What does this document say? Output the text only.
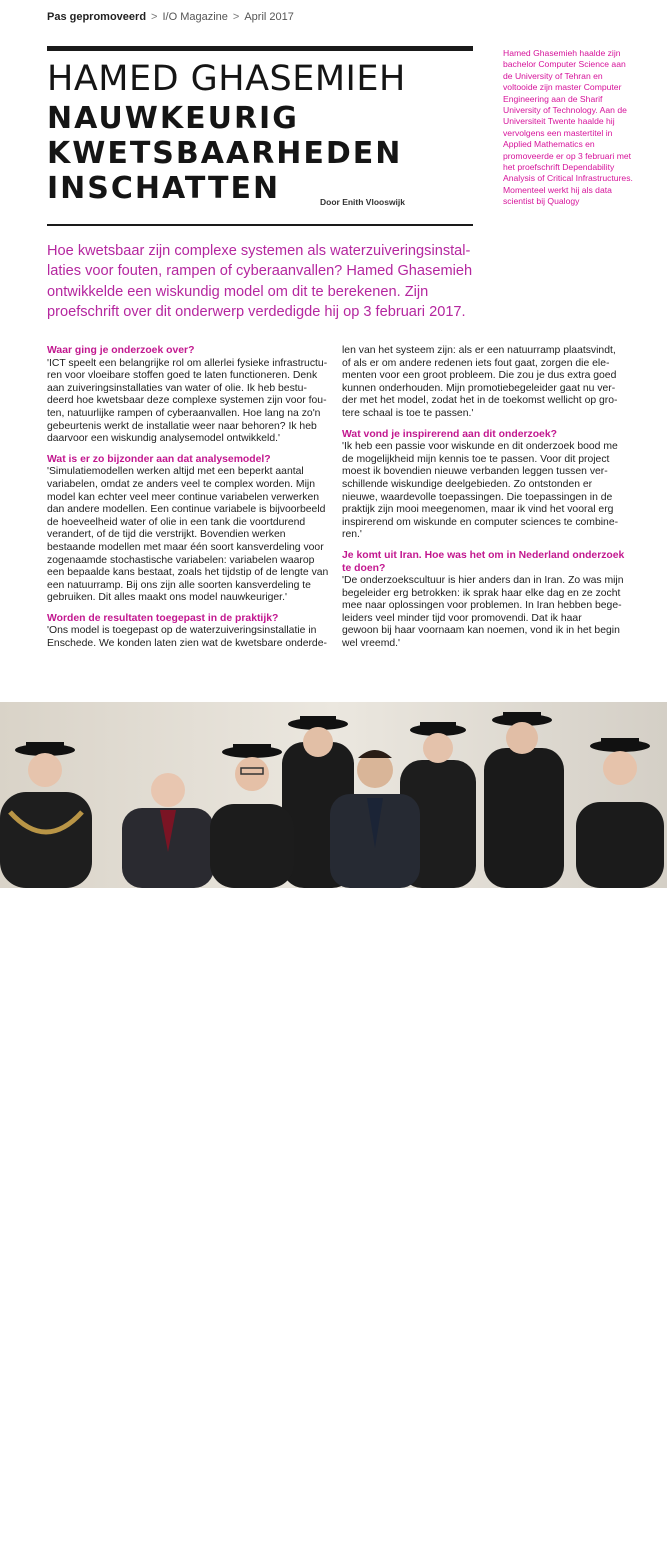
Pas gepromoveerd > I/O Magazine > April 2017
HAMED GHASEMIEH
NAUWKEURIG
KWETSBAARHEDEN
INSCHATTEN	Door Enith Vlooswijk
Hamed Ghasemieh haalde zijn
bachelor Computer Science aan
de University of Tehran en
voltooide zijn master Computer
Engineering aan de Sharif
University of Technology. Aan de
Universiteit Twente haalde hij
vervolgens een mastertitel in
Applied Mathematics en
promoveerde er op 3 februari met
het proefschrift Dependability
Analysis of Critical Infrastructures.
Momenteel werkt hij als data
scientist bij Qualogy
Hoe kwetsbaar zijn complexe systemen als waterzuiveringsinstal-
laties voor fouten, rampen of cyberaanvallen? Hamed Ghasemieh
ontwikkelde een wiskundig model om dit te berekenen. Zijn
proefschrift over dit onderwerp verdedigde hij op 3 februari 2017.
Waar ging je onderzoek over?
'ICT speelt een belangrijke rol om allerlei fysieke infrastructu-
ren voor vloeibare stoffen goed te laten functioneren. Denk
aan zuiveringsinstallaties van water of olie. Ik heb bestu-
deerd hoe kwetsbaar deze complexe systemen zijn voor fou-
ten, natuurlijke rampen of cyberaanvallen. Hoe lang na zo'n
gebeurtenis werkt de installatie weer naar behoren? Ik heb
daarvoor een wiskundig analysemodel ontwikkeld.'
Wat is er zo bijzonder aan dat analysemodel?
'Simulatiemodellen werken altijd met een beperkt aantal
variabelen, omdat ze anders veel te complex worden. Mijn
model kan echter veel meer continue variabelen verwerken
dan andere modellen. Een continue variabele is bijvoorbeeld
de hoeveelheid water of olie in een tank die voortdurend
verandert, of de tijd die verstrijkt. Bovendien werken
bestaande modellen met maar één soort kansverdeling voor
zogenaamde stochastische variabelen: variabelen waarop
een bepaalde kans bestaat, zoals het tijdstip of de lengte van
een natuurramp. Bij ons zijn alle soorten kansverdeling te
gebruiken. Dit alles maakt ons model nauwkeuriger.'
Worden de resultaten toegepast in de praktijk?
'Ons model is toegepast op de waterzuiveringsinstallatie in
Enschede. We konden laten zien wat de kwetsbare onderde-
len van het systeem zijn: als er een natuurramp plaatsvindt,
of als er om andere redenen iets fout gaat, zorgen die ele-
menten voor een groot probleem. Die zou je dus extra goed
kunnen onderhouden. Mijn promotiebegeleider gaat nu ver-
der met het model, zodat het in de toekomst wellicht op gro-
tere schaal is toe te passen.'
Wat vond je inspirerend aan dit onderzoek?
'Ik heb een passie voor wiskunde en dit onderzoek bood me
de mogelijkheid mijn kennis toe te passen. Voor dit project
moest ik bovendien nieuwe verbanden leggen tussen ver-
schillende wiskundige deelgebieden. Zo ontstonden er
nieuwe, waardevolle toepassingen. Die toepassingen in de
praktijk zijn mooi meegenomen, maar ik vind het vooral erg
inspirerend om wiskunde en computer sciences te combine-
ren.'
Je komt uit Iran. Hoe was het om in Nederland onderzoek te doen?
'De onderzoekscultuur is hier anders dan in Iran. Zo was mijn
begeleider erg betrokken: ik sprak haar elke dag en ze zocht
mee naar oplossingen voor problemen. In Iran hebben bege-
leiders veel minder tijd voor promovendi. Dat ik haar
gewoon bij haar voornaam kan noemen, vond ik in het begin
wel vreemd.'
22
